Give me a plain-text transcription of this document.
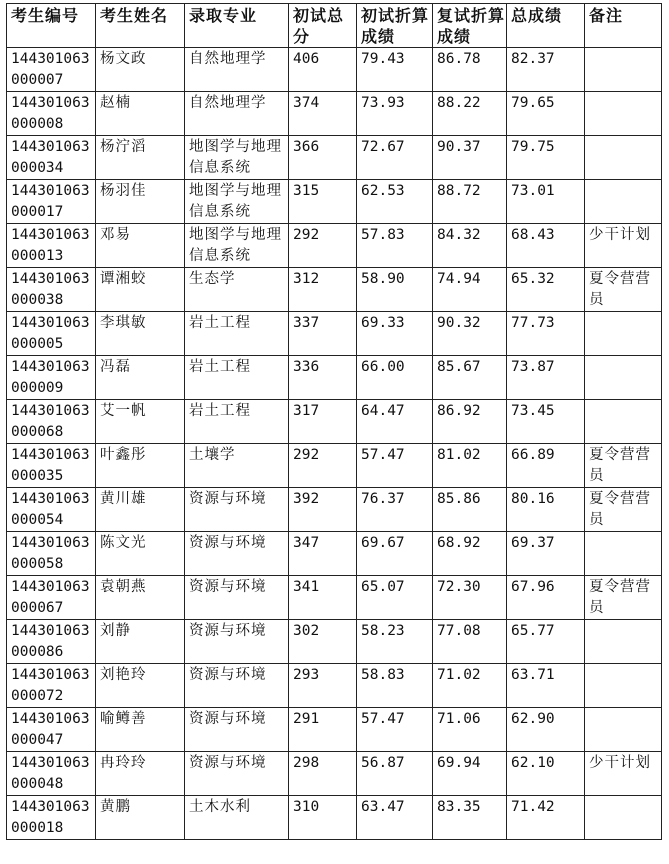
考生编号	考生姓名	录取专业	初试总分	初试折算成绩	复试折算成绩	总成绩	备注
144301063000007	杨文政	自然地理学	406	79.43	86.78	82.37	
144301063000008	赵楠	自然地理学	374	73.93	88.22	79.65	
144301063000034	杨泞滔	地图学与地理信息系统	366	72.67	90.37	79.75	
144301063000017	杨羽佳	地图学与地理信息系统	315	62.53	88.72	73.01	
144301063000013	邓易	地图学与地理信息系统	292	57.83	84.32	68.43	少干计划
144301063000038	谭湘蛟	生态学	312	58.90	74.94	65.32	夏令营营员
144301063000005	李琪敏	岩土工程	337	69.33	90.32	77.73	
144301063000009	冯磊	岩土工程	336	66.00	85.67	73.87	
144301063000068	艾一帆	岩土工程	317	64.47	86.92	73.45	
144301063000035	叶鑫彤	土壤学	292	57.47	81.02	66.89	夏令营营员
144301063000054	黄川雄	资源与环境	392	76.37	85.86	80.16	夏令营营员
144301063000058	陈文光	资源与环境	347	69.67	68.92	69.37	
144301063000067	袁朝燕	资源与环境	341	65.07	72.30	67.96	夏令营营员
144301063000086	刘静	资源与环境	302	58.23	77.08	65.77	
144301063000072	刘艳玲	资源与环境	293	58.83	71.02	63.71	
144301063000047	喻鳟善	资源与环境	291	57.47	71.06	62.90	
144301063000048	冉玲玲	资源与环境	298	56.87	69.94	62.10	少干计划
144301063000018	黄鹏	土木水利	310	63.47	83.35	71.42	
